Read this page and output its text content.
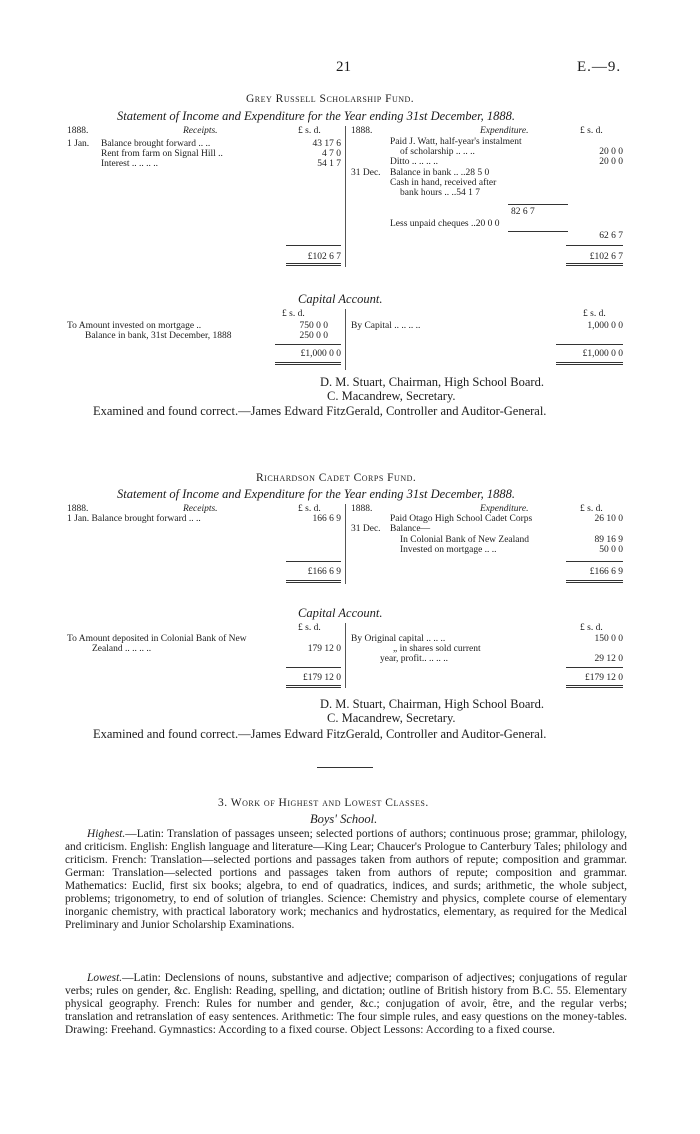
21	E.—9.
Grey Russell Scholarship Fund.
Statement of Income and Expenditure for the Year ending 31st December, 1888.
1888.	Receipts.	£ s. d.
1 Jan. Balance brought forward .. ..	43 17 6
Rent from farm on Signal Hill ..	4 7 0
Interest .. .. .. ..	54 1 7
1888.	Expenditure.	£ s. d.
Paid J. Watt, half-year's instalment
of scholarship .. .. ..	20 0 0
Ditto .. .. .. ..	20 0 0
31 Dec. Balance in bank .. ..28 5 0
Cash in hand, received after
bank hours .. ..54 1 7
82 6 7
Less unpaid cheques ..20 0 0
62 6 7
£102 6 7	£102 6 7
Capital Account.
£ s. d.	£ s. d.
To Amount invested on mortgage ..	750 0 0
Balance in bank, 31st December, 1888	250 0 0
By Capital .. .. .. ..	1,000 0 0
£1,000 0 0	£1,000 0 0
D. M. Stuart, Chairman, High School Board.
C. Macandrew, Secretary.
Examined and found correct.—James Edward FitzGerald, Controller and Auditor-General.
Richardson Cadet Corps Fund.
Statement of Income and Expenditure for the Year ending 31st December, 1888.
1888.	Receipts.	£ s. d.
1 Jan. Balance brought forward .. ..	166 6 9
1888.	Expenditure.	£ s. d.
Paid Otago High School Cadet Corps	26 10 0
31 Dec. Balance—
In Colonial Bank of New Zealand	89 16 9
Invested on mortgage .. ..	50 0 0
£166 6 9	£166 6 9
Capital Account.
£ s. d.	£ s. d.
To Amount deposited in Colonial Bank of New
Zealand .. .. .. ..	179 12 0
By Original capital .. .. ..	150 0 0
„ in shares sold current
year, profit.. .. .. ..	29 12 0
£179 12 0	£179 12 0
D. M. Stuart, Chairman, High School Board.
C. Macandrew, Secretary.
Examined and found correct.—James Edward FitzGerald, Controller and Auditor-General.
3. Work of Highest and Lowest Classes.
Boys' School.

Highest.—Latin: Translation of passages unseen; selected portions of authors; continuous prose; grammar, philology, and criticism. English: English language and literature—King Lear; Chaucer's Prologue to Canterbury Tales; philology and criticism. French: Translation—selected portions and passages taken from authors of repute; composition and grammar. German: Translation—selected portions and passages taken from authors of repute; composition and grammar. Mathematics: Euclid, first six books; algebra, to end of quadratics, indices, and surds; arithmetic, the whole subject, problems; trigonometry, to end of solution of triangles. Science: Chemistry and physics, complete course of elementary inorganic chemistry, with practical laboratory work; mechanics and hydrostatics, elementary, as required for the Medical Preliminary and Junior Scholarship Examinations.

Lowest.—Latin: Declensions of nouns, substantive and adjective; comparison of adjectives; conjugations of regular verbs; rules on gender, &c. English: Reading, spelling, and dictation; outline of British history from B.C. 55. Elementary physical geography. French: Rules for number and gender, &c.; conjugation of avoir, être, and the regular verbs; translation and retranslation of easy sentences. Arithmetic: The four simple rules, and easy questions on the money-tables. Drawing: Freehand. Gymnastics: According to a fixed course. Object Lessons: According to a fixed course.
